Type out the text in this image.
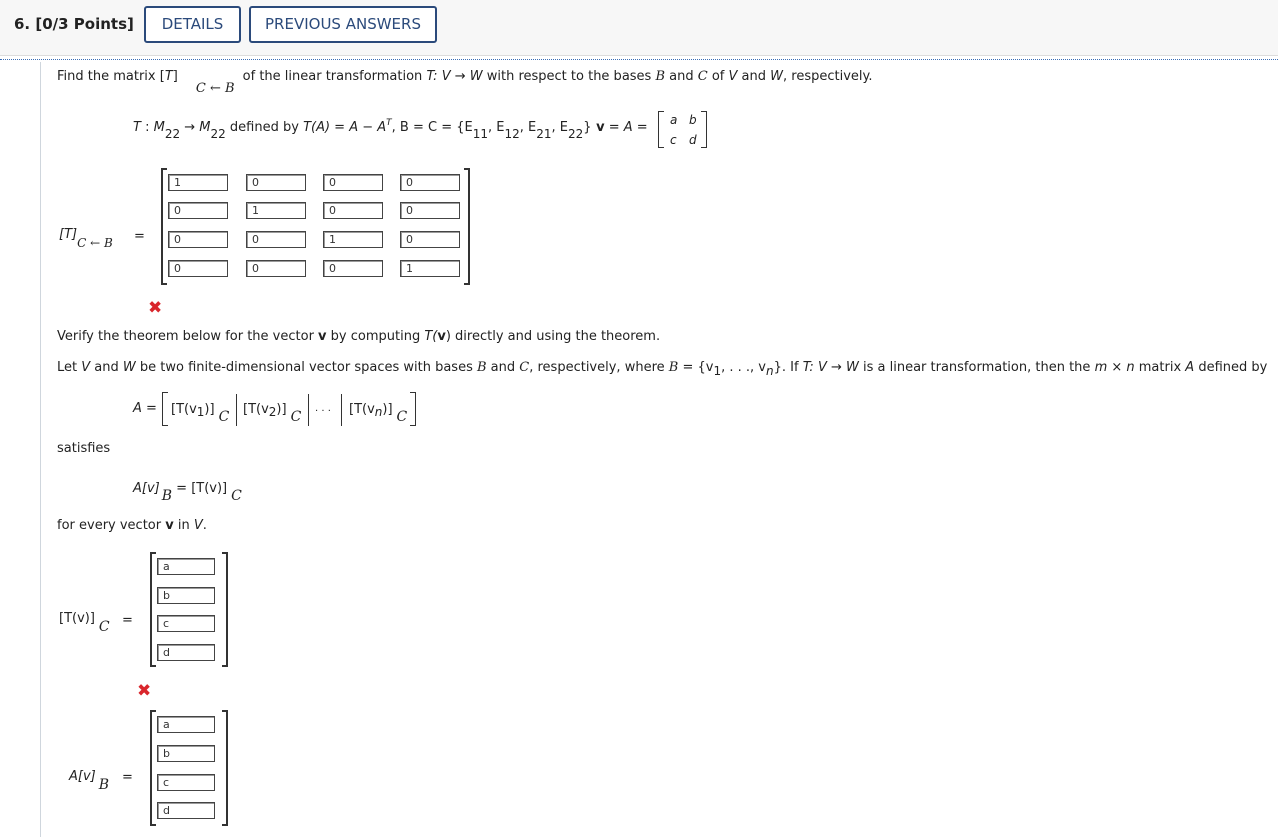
6. [0/3 Points]	DETAILS	PREVIOUS ANSWERS
Find the matrix [T]C ← B of the linear transformation T: V → W with respect to the bases B and C of V and W, respectively.
T : M22 → M22 defined by $T(A) = A - A^T$, B = C = {E11, E12, E21, E22} v = A = a b
c d
[T]C ← B =
1	0	0	0
0	1	0	0
0	0	1	0
0	0	0	1
✖
Verify the theorem below for the vector v by computing T(v) directly and using the theorem.
Let V and W be two finite-dimensional vector spaces with bases B and C, respectively, where B = {v1, . . ., vn}. If T: V → W is a linear transformation, then the m × n matrix A defined by
A = [T(v1)] C [T(v2)] C · · · [T(vn)] C
satisfies
A[v] B = [T(v)] C
for every vector v in V.
[T(v)]C =
a
b
c
d
✖
A[v]B =
a
b
c
d
